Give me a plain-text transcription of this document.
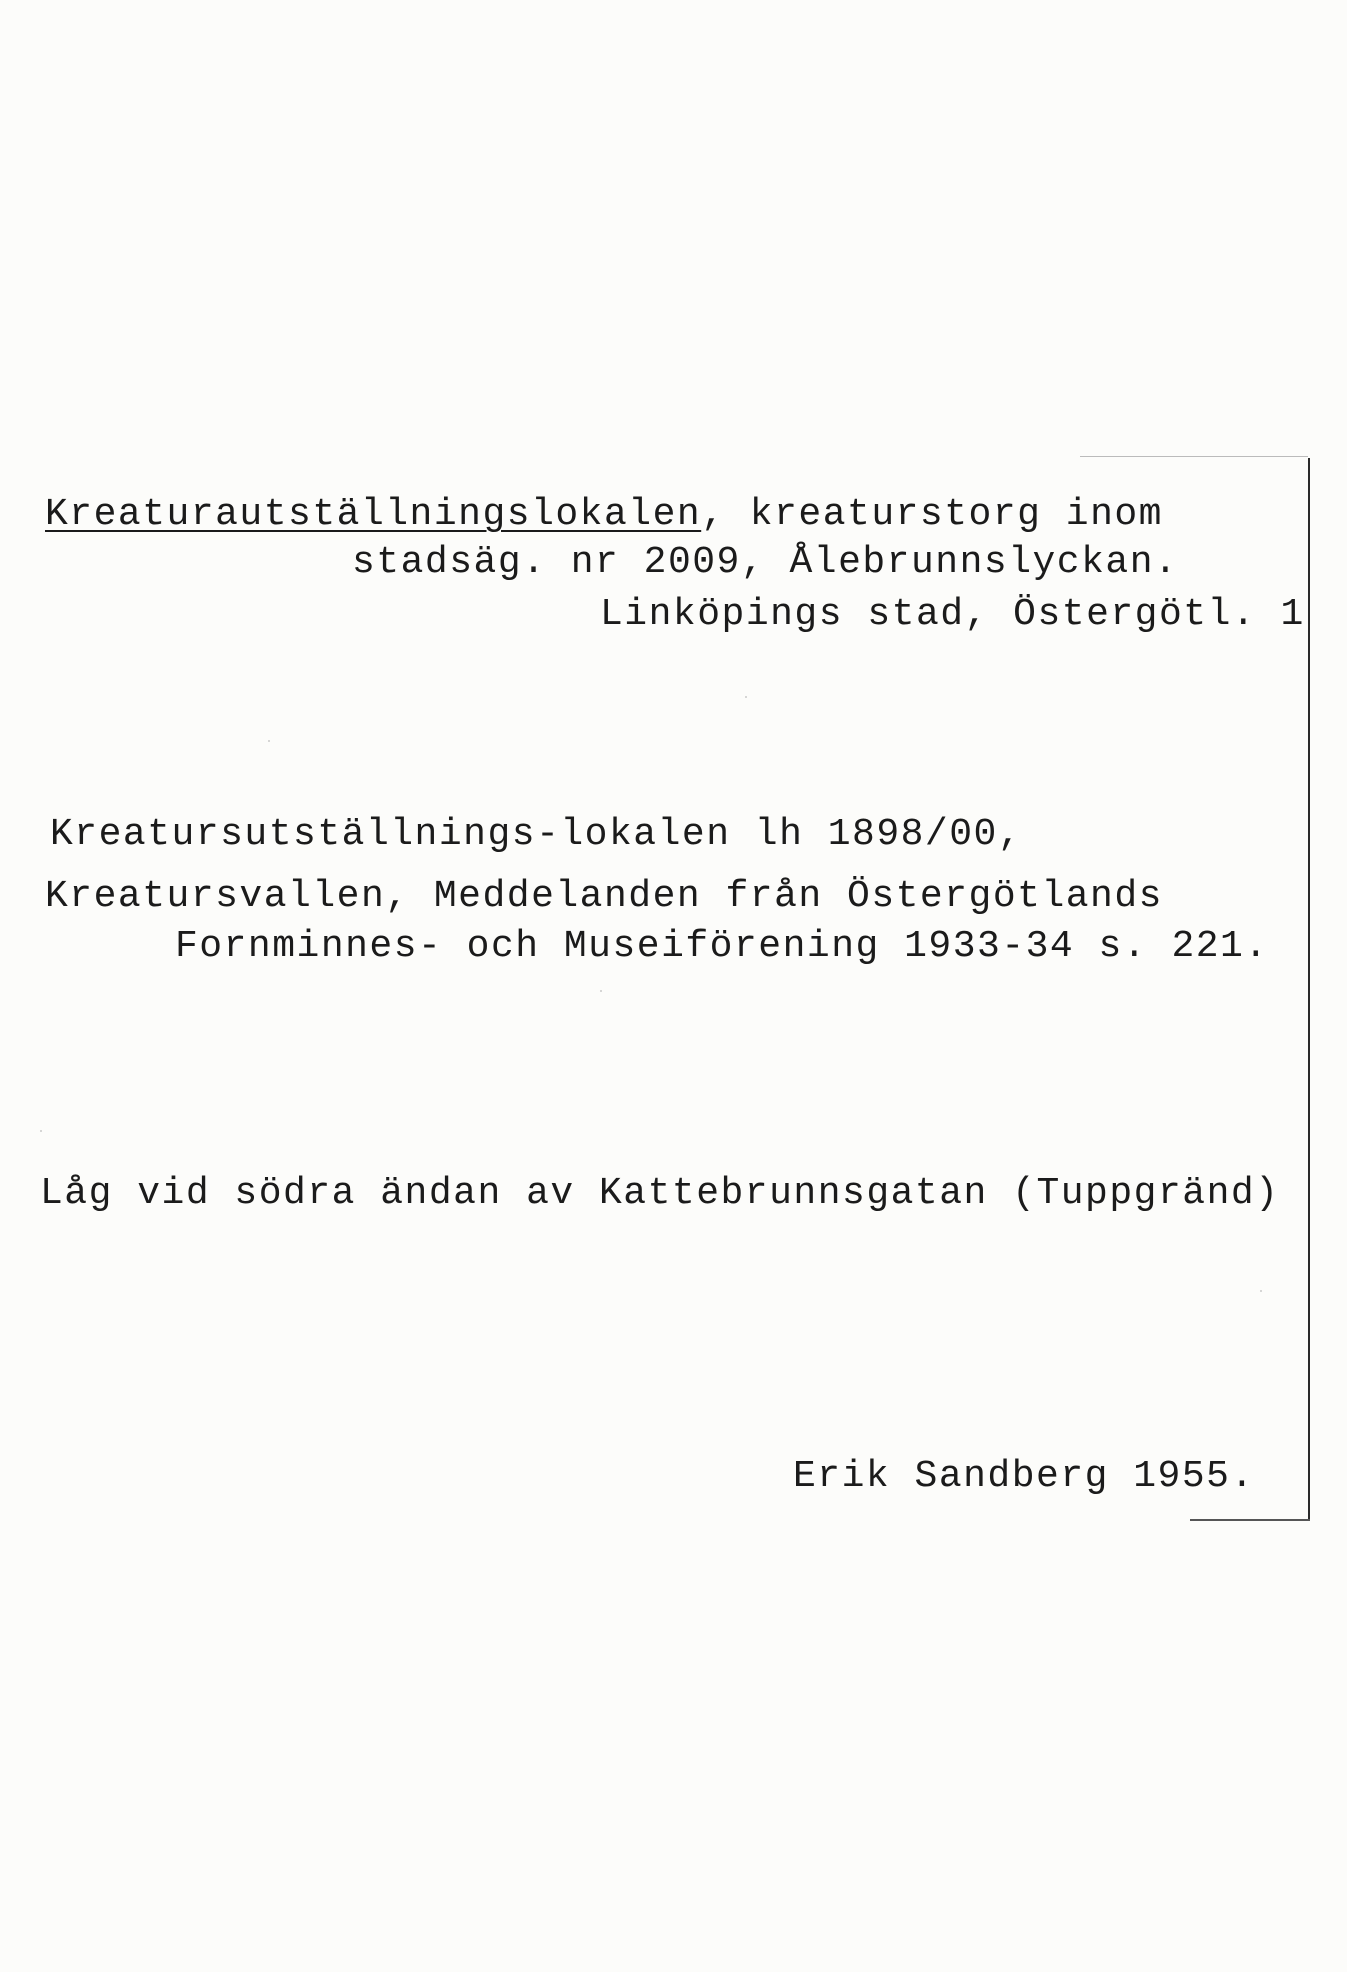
Kreaturautställningslokalen, kreaturstorg inom
stadsäg. nr 2009, Ålebrunnslyckan.
Linköpings stad, Östergötl. 1
Kreatursutställnings-lokalen lh 1898/00,
Kreatursvallen, Meddelanden från Östergötlands
Fornminnes- och Museiförening 1933-34 s. 221.
Låg vid södra ändan av Kattebrunnsgatan (Tuppgränd)
Erik Sandberg 1955.
